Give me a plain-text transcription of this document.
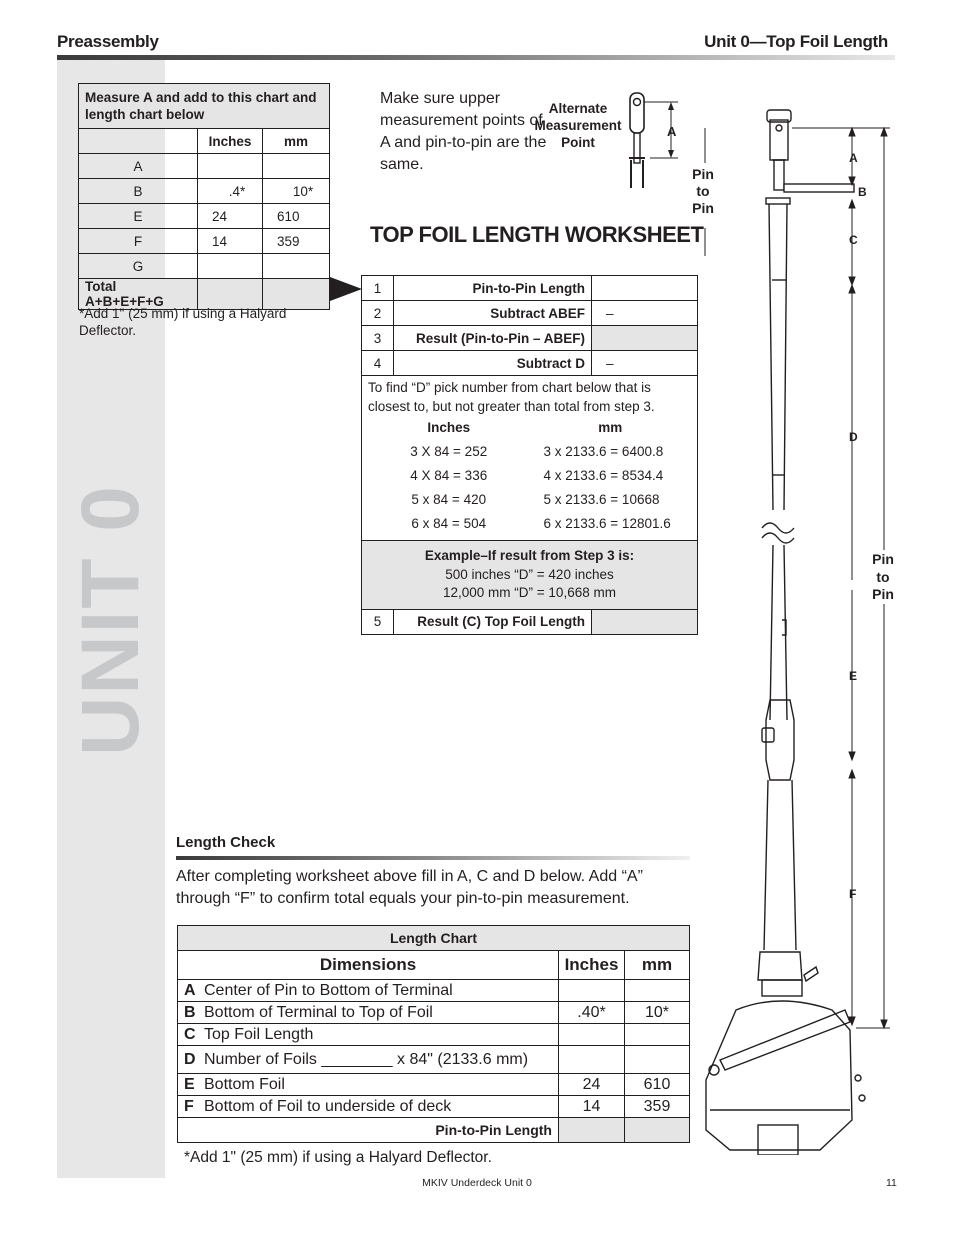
Preassembly	Unit 0—Top Foil Length
UNIT 0
Measure A and add to this chart and length chart below		
	Inches	mm
A		
B	.4*	10*
E	24	610
F	14	359
G		
Total A+B+E+F+G		
*Add 1" (25 mm) if using a Halyard Deflector.
Make sure upper measurement points of A and pin-to-pin are the same.
Alternate Measurement Point
A
Pin to Pin
TOP FOIL LENGTH WORKSHEET
1	Pin-to-Pin Length	
2	Subtract ABEF	–
3	Result (Pin-to-Pin – ABEF)	
4	Subtract D	–

To find “D” pick number from chart below that is closest to, but not greater than total from step 3.
Inches	mm
3 X 84 = 252	3 x 2133.6 = 6400.8
4 X 84 = 336	4 x 2133.6 = 8534.4
5 x 84 = 420	5 x 2133.6 = 10668
6 x 84 = 504	6 x 2133.6 = 12801.6

Example–If result from Step 3 is:
500 inches “D” = 420 inches
12,000 mm “D” = 10,668 mm

5	Result (C) Top Foil Length	
Length Check
After completing worksheet above fill in A, C and D below. Add “A” through “F” to confirm total equals your pin-to-pin measurement.
Length Chart		
Dimensions	Inches	mm
A Center of Pin to Bottom of Terminal		
B Bottom of Terminal to Top of Foil	.40*	10*
C Top Foil Length		
D Number of Foils ________ x 84" (2133.6 mm)		
E Bottom Foil	24	610
F Bottom of Foil to underside of deck	14	359
Pin-to-Pin Length		
*Add 1" (25 mm) if using a Halyard Deflector.
A
B
C
D
E
F
Pin to Pin
MKIV Underdeck Unit 0	11
